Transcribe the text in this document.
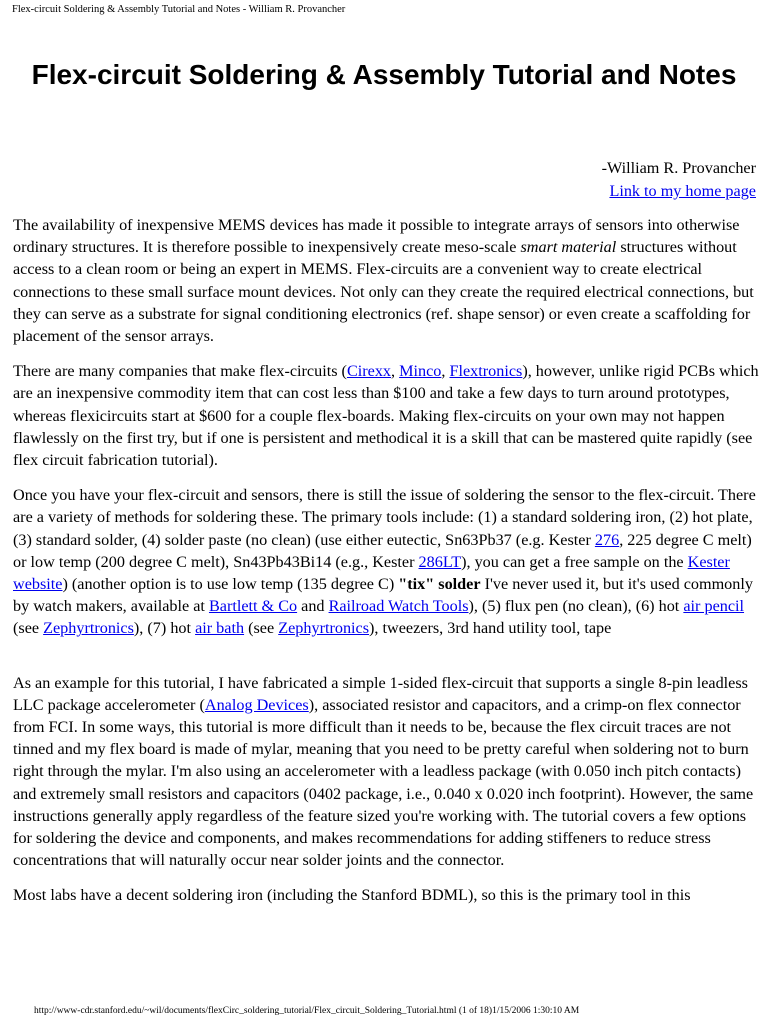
Flex-circuit Soldering & Assembly Tutorial and Notes - William R. Provancher
Flex-circuit Soldering & Assembly Tutorial and Notes
-William R. Provancher
Link to my home page

The availability of inexpensive MEMS devices has made it possible to integrate arrays of sensors into otherwise ordinary structures. It is therefore possible to inexpensively create meso-scale smart material structures without access to a clean room or being an expert in MEMS. Flex-circuits are a convenient way to create electrical connections to these small surface mount devices. Not only can they create the required electrical connections, but they can serve as a substrate for signal conditioning electronics (ref. shape sensor) or even create a scaffolding for placement of the sensor arrays.

There are many companies that make flex-circuits (Cirexx, Minco, Flextronics), however, unlike rigid PCBs which are an inexpensive commodity item that can cost less than $100 and take a few days to turn around prototypes, whereas flexicircuits start at $600 for a couple flex-boards. Making flex-circuits on your own may not happen flawlessly on the first try, but if one is persistent and methodical it is a skill that can be mastered quite rapidly (see flex circuit fabrication tutorial).

Once you have your flex-circuit and sensors, there is still the issue of soldering the sensor to the flex-circuit. There are a variety of methods for soldering these. The primary tools include: (1) a standard soldering iron, (2) hot plate, (3) standard solder, (4) solder paste (no clean) (use either eutectic, Sn63Pb37 (e.g. Kester 276, 225 degree C melt) or low temp (200 degree C melt), Sn43Pb43Bi14 (e.g., Kester 286LT), you can get a free sample on the Kester website) (another option is to use low temp (135 degree C) "tix" solder I've never used it, but it's used commonly by watch makers, available at Bartlett & Co and Railroad Watch Tools), (5) flux pen (no clean), (6) hot air pencil (see Zephyrtronics), (7) hot air bath (see Zephyrtronics), tweezers, 3rd hand utility tool, tape

As an example for this tutorial, I have fabricated a simple 1-sided flex-circuit that supports a single 8-pin leadless LLC package accelerometer (Analog Devices), associated resistor and capacitors, and a crimp-on flex connector from FCI. In some ways, this tutorial is more difficult than it needs to be, because the flex circuit traces are not tinned and my flex board is made of mylar, meaning that you need to be pretty careful when soldering not to burn right through the mylar. I'm also using an accelerometer with a leadless package (with 0.050 inch pitch contacts) and extremely small resistors and capacitors (0402 package, i.e., 0.040 x 0.020 inch footprint). However, the same instructions generally apply regardless of the feature sized you're working with. The tutorial covers a few options for soldering the device and components, and makes recommendations for adding stiffeners to reduce stress concentrations that will naturally occur near solder joints and the connector.

Most labs have a decent soldering iron (including the Stanford BDML), so this is the primary tool in this

http://www-cdr.stanford.edu/~wil/documents/flexCirc_soldering_tutorial/Flex_circuit_Soldering_Tutorial.html (1 of 18)1/15/2006 1:30:10 AM
